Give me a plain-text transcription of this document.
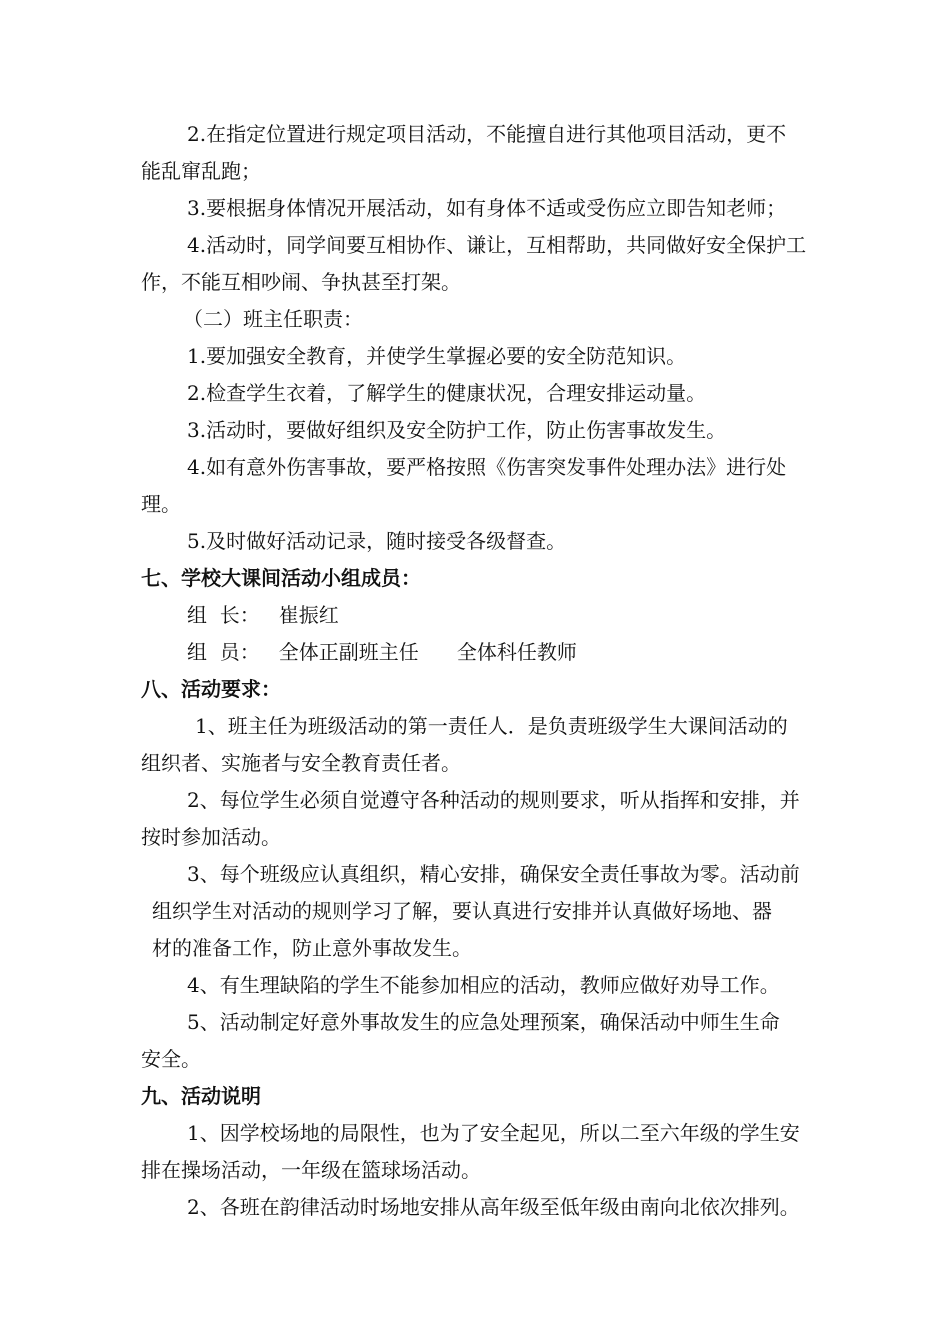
2.在指定位置进行规定项目活动，不能擅自进行其他项目活动，更不
能乱窜乱跑；
3.要根据身体情况开展活动，如有身体不适或受伤应立即告知老师；
4.活动时，同学间要互相协作、谦让，互相帮助，共同做好安全保护工
作，不能互相吵闹、争执甚至打架。
（二）班主任职责：
1.要加强安全教育，并使学生掌握必要的安全防范知识。
2.检查学生衣着，了解学生的健康状况，合理安排运动量。
3.活动时，要做好组织及安全防护工作，防止伤害事故发生。
4.如有意外伤害事故，要严格按照《伤害突发事件处理办法》进行处
理。
5.及时做好活动记录，随时接受各级督查。
七、学校大课间活动小组成员：
组  长：   崔振红
组  员：   全体正副班主任      全体科任教师
八、活动要求：
1、班主任为班级活动的第一责任人．是负责班级学生大课间活动的
组织者、实施者与安全教育责任者。
2、每位学生必须自觉遵守各种活动的规则要求，听从指挥和安排，并
按时参加活动。
3、每个班级应认真组织，精心安排，确保安全责任事故为零。活动前
组织学生对活动的规则学习了解，要认真进行安排并认真做好场地、器
材的准备工作，防止意外事故发生。
4、有生理缺陷的学生不能参加相应的活动，教师应做好劝导工作。
5、活动制定好意外事故发生的应急处理预案，确保活动中师生生命
安全。
九、活动说明
1、因学校场地的局限性，也为了安全起见，所以二至六年级的学生安
排在操场活动，一年级在篮球场活动。
2、各班在韵律活动时场地安排从高年级至低年级由南向北依次排列。
